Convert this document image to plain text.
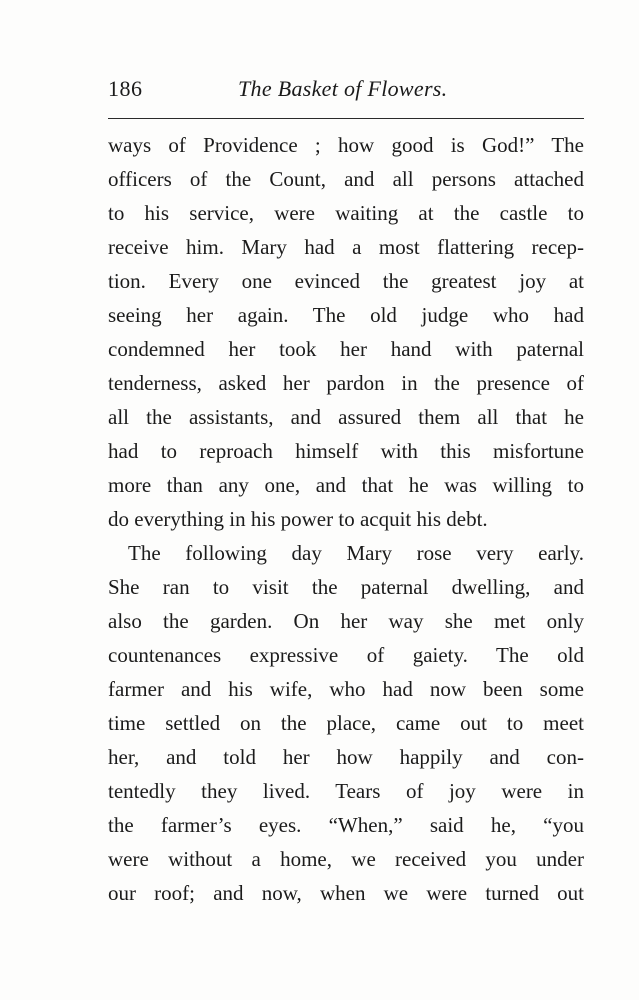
186	The Basket of Flowers.
ways of Providence ; how good is God!” The
officers of the Count, and all persons attached
to his service, were waiting at the castle to
receive him. Mary had a most flattering recep-
tion. Every one evinced the greatest joy at
seeing her again. The old judge who had
condemned her took her hand with paternal
tenderness, asked her pardon in the presence of
all the assistants, and assured them all that he
had to reproach himself with this misfortune
more than any one, and that he was willing to
do everything in his power to acquit his debt.
The following day Mary rose very early.
She ran to visit the paternal dwelling, and
also the garden. On her way she met only
countenances expressive of gaiety. The old
farmer and his wife, who had now been some
time settled on the place, came out to meet
her, and told her how happily and con-
tentedly they lived. Tears of joy were in
the farmer’s eyes. “When,” said he, “you
were without a home, we received you under
our roof; and now, when we were turned out
